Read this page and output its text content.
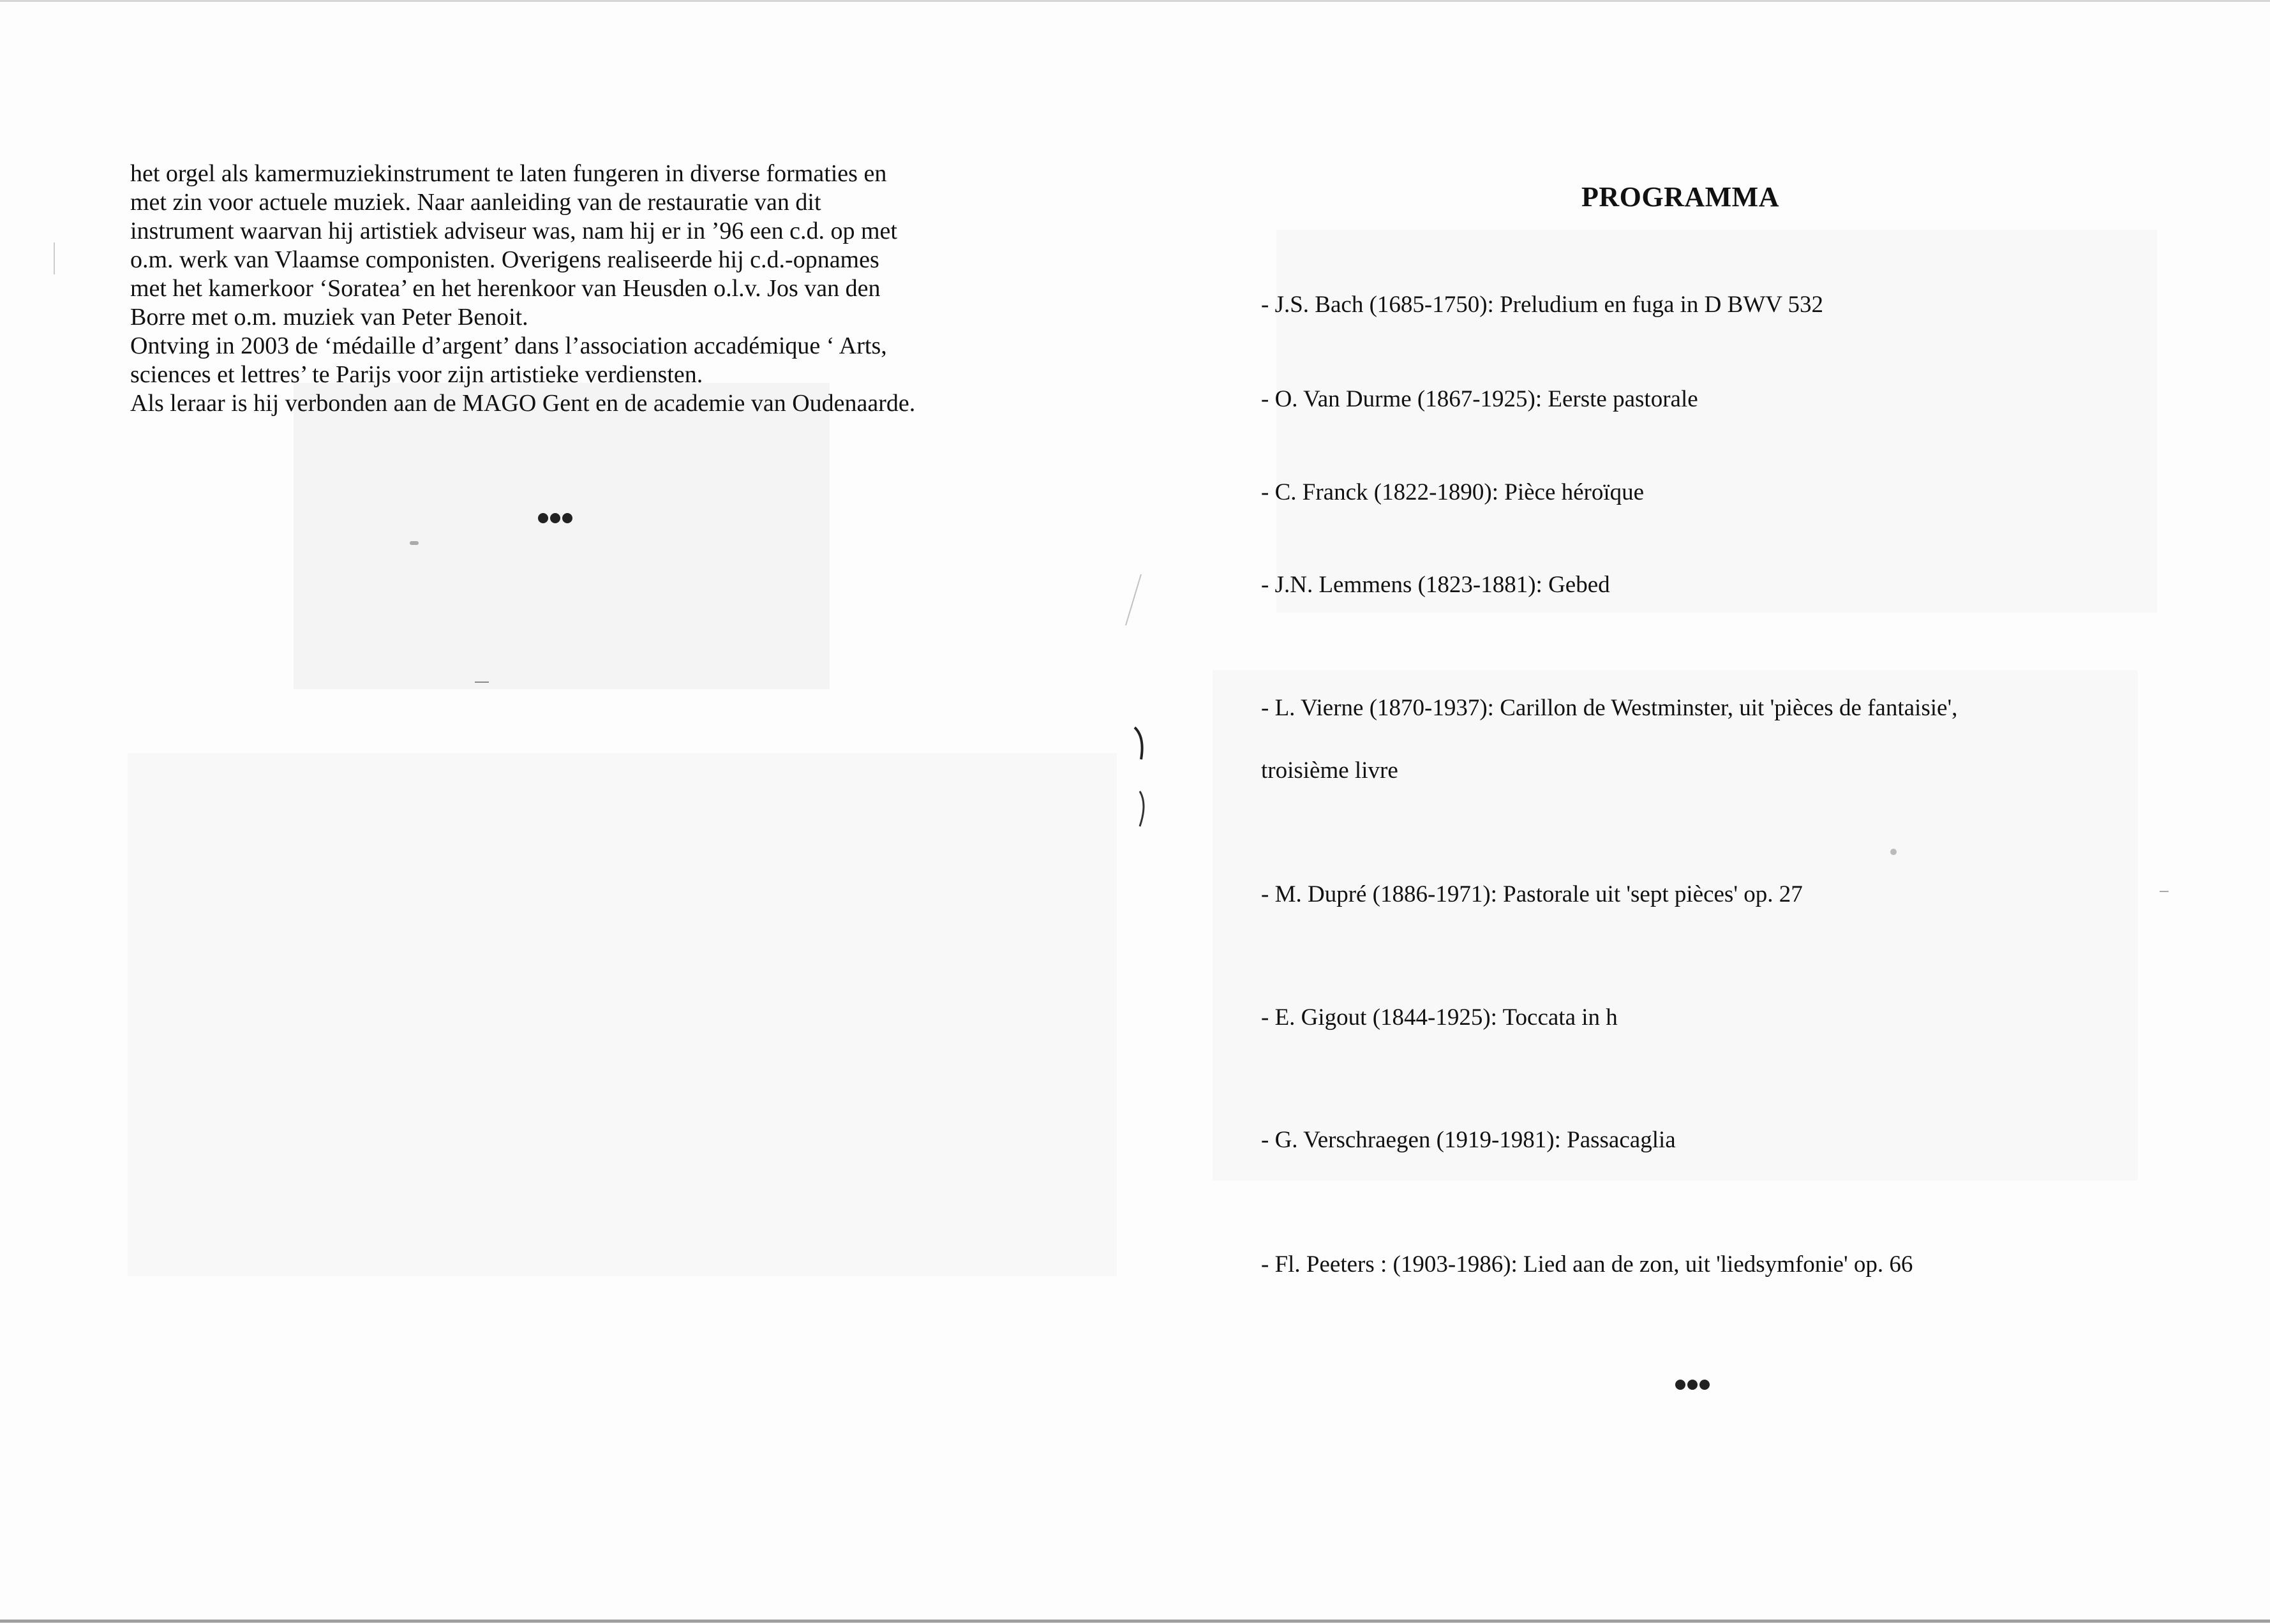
het orgel als kamermuziekinstrument te laten fungeren in diverse formaties en

met zin voor actuele muziek. Naar aanleiding van de restauratie van dit

instrument waarvan hij artistiek adviseur was, nam hij er in ’96 een c.d. op met

o.m. werk van Vlaamse componisten. Overigens realiseerde hij c.d.-opnames

met het kamerkoor ‘Soratea’ en het herenkoor van Heusden o.l.v. Jos van den

Borre met o.m. muziek van Peter Benoit.

Ontving in 2003 de ‘médaille d’argent’ dans l’association accadémique ‘ Arts,

sciences et lettres’ te Parijs voor zijn artistieke verdiensten.

Als leraar is hij verbonden aan de MAGO Gent en de academie van Oudenaarde.

PROGRAMMA

- J.S. Bach (1685-1750): Preludium en fuga in D BWV 532

- O. Van Durme (1867-1925): Eerste pastorale

- C. Franck (1822-1890): Pièce héroïque

- J.N. Lemmens (1823-1881): Gebed

- L. Vierne (1870-1937): Carillon de Westminster, uit 'pièces de fantaisie',

troisième livre

- M. Dupré (1886-1971): Pastorale uit 'sept pièces' op. 27

- E. Gigout (1844-1925): Toccata in h

- G. Verschraegen (1919-1981): Passacaglia

- Fl. Peeters : (1903-1986): Lied aan de zon, uit 'liedsymfonie' op. 66
